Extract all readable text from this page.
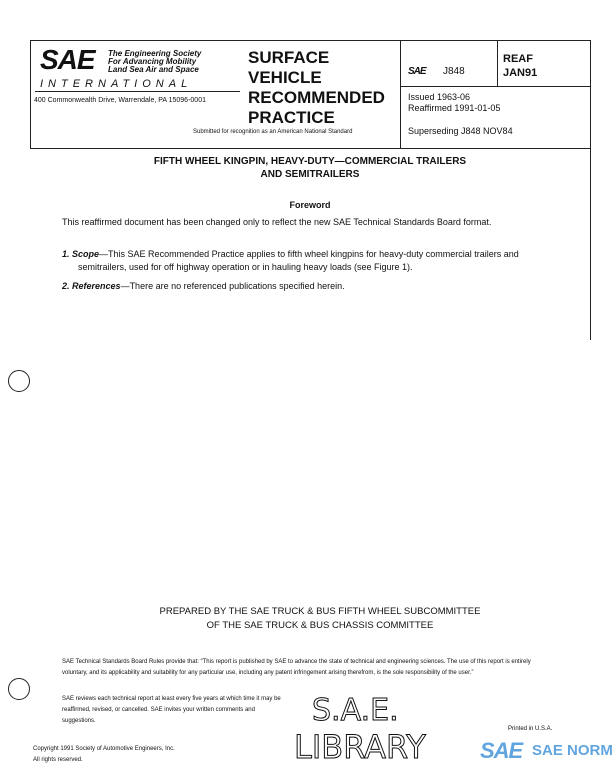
SAE The Engineering Society
For Advancing Mobility
Land Sea Air and Space
INTERNATIONAL
400 Commonwealth Drive, Warrendale, PA 15096-0001
SURFACE
VEHICLE
RECOMMENDED
PRACTICE
Submitted for recognition as an American National Standard
SAE J848
REAF
JAN91
Issued 1963-06
Reaffirmed 1991-01-05
Superseding J848 NOV84
FIFTH WHEEL KINGPIN, HEAVY-DUTY—COMMERCIAL TRAILERS
AND SEMITRAILERS
Foreword
This reaffirmed document has been changed only to reflect the new SAE Technical Standards Board format.
1. Scope—This SAE Recommended Practice applies to fifth wheel kingpins for heavy-duty commercial trailers and semitrailers, used for off highway operation or in hauling heavy loads (see Figure 1).
2. References—There are no referenced publications specified herein.
PREPARED BY THE SAE TRUCK & BUS FIFTH WHEEL SUBCOMMITTEE
OF THE SAE TRUCK & BUS CHASSIS COMMITTEE
SAE Technical Standards Board Rules provide that: “This report is published by SAE to advance the state of technical and engineering sciences. The use of this report is entirely voluntary, and its applicability and suitability for any particular use, including any patent infringement arising therefrom, is the sole responsibility of the user.”
SAE reviews each technical report at least every five years at which time it may be reaffirmed, revised, or cancelled. SAE invites your written comments and suggestions.
Copyright 1991 Society of Automotive Engineers, Inc.
All rights reserved.
Printed in U.S.A.
S.A.E.
LIBRARY SAE SAE NORM
